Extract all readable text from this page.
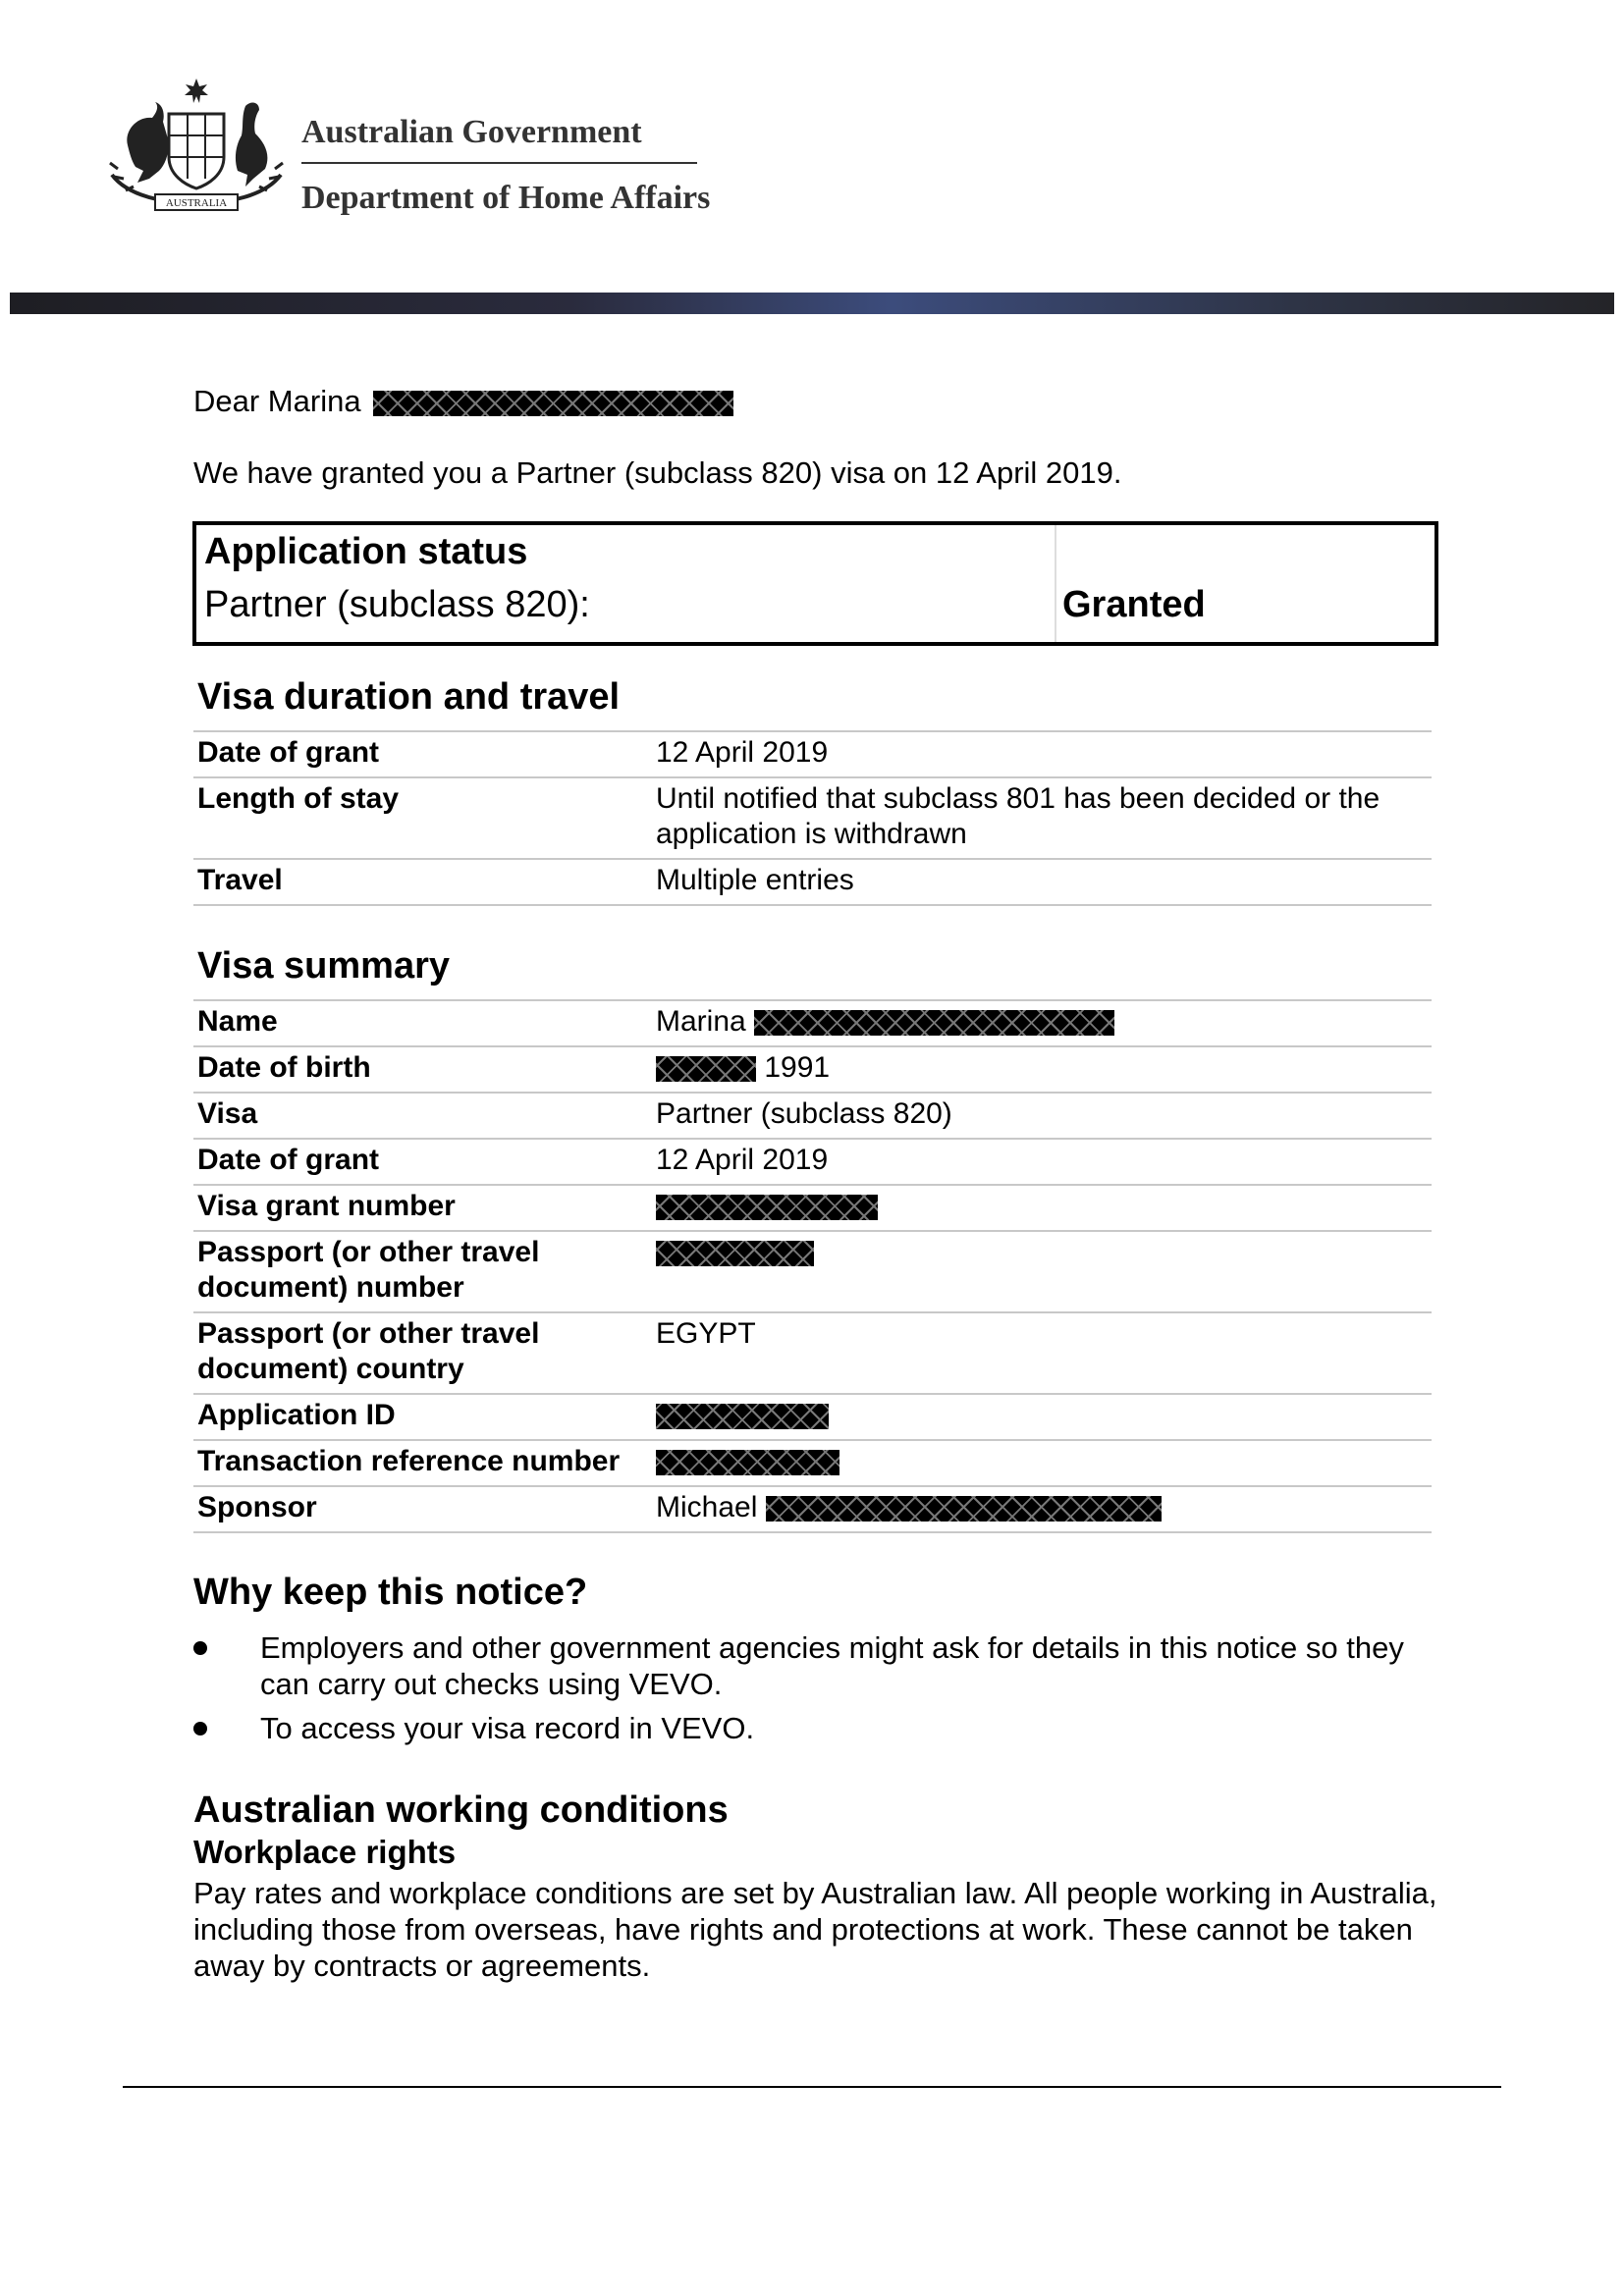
AUSTRALIA
Australian Government
Department of Home Affairs
Dear Marina
We have granted you a Partner (subclass 820) visa on 12 April 2019.
Application status
Partner (subclass 820):	Granted
Visa duration and travel
Date of grant	12 April 2019
Length of stay	Until notified that subclass 801 has been decided or the application is withdrawn
Travel	Multiple entries
Visa summary
Name	Marina
Date of birth	1991
Visa	Partner (subclass 820)
Date of grant	12 April 2019
Visa grant number	
Passport (or other travel document) number	
Passport (or other travel document) country	EGYPT
Application ID	
Transaction reference number	
Sponsor	Michael
Why keep this notice?
Employers and other government agencies might ask for details in this notice so they can carry out checks using VEVO.
To access your visa record in VEVO.
Australian working conditions
Workplace rights
Pay rates and workplace conditions are set by Australian law. All people working in Australia, including those from overseas, have rights and protections at work. These cannot be taken away by contracts or agreements.
